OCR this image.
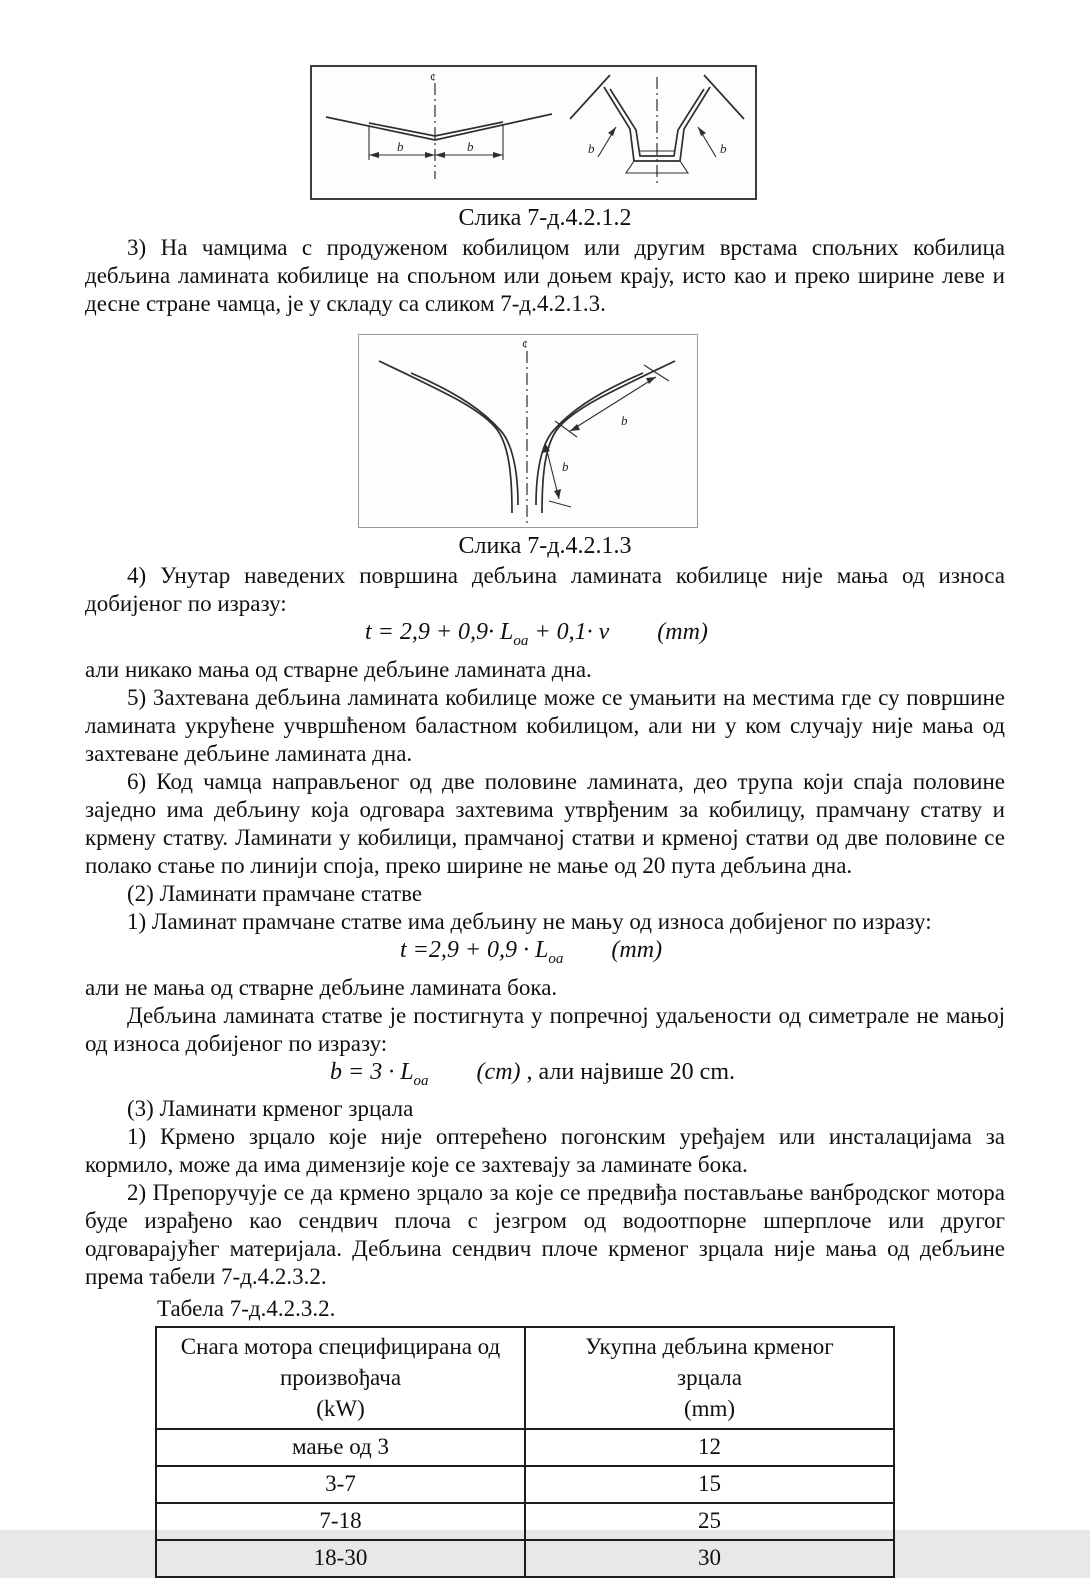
¢
b	b	b	b
Слика 7-д.4.2.1.2
3) На чамцима с продуженом кобилицом или другим врстама спољних кобилица дебљина ламината кобилице на спољном или доњем крају, исто као и преко ширине леве и десне стране чамца, је у складу са сликом 7-д.4.2.1.3.
¢
b
b
Слика 7-д.4.2.1.3
4) Унутар наведених површина дебљина ламината кобилице није мања од износа добијеног по изразу:
$t = 2,9 + 0,9\cdot L_{oa} + 0,1\cdot v$ (mm)
али никако мања од стварне дебљине ламината дна.
5) Захтевана дебљина ламината кобилице може се умањити на местима где су површине ламината укрућене учвршћеном баластном кобилицом, али ни у ком случају није мања од захтеване дебљине ламината дна.
6) Код чамца направљеног од две половине ламината, део трупа који спаја половине заједно има дебљину која одговара захтевима утврђеним за кобилицу, прамчану статву и крмену статву. Ламинати у кобилици, прамчаној статви и крменој статви од две половине се полако стање по линији споја, преко ширине не мање од 20 пута дебљина дна.
(2) Ламинати прамчане статве
1) Ламинат прамчане статве има дебљину не мању од износа добијеног по изразу:
$t =2,9 + 0,9 \cdot L_{oa}$ (mm)
али не мања од стварне дебљине ламината бока.
Дебљина ламината статве је постигнута у попречној удаљености од симетрале не мањој од износа добијеног по изразу:
$b = 3 \cdot L_{oa}$ (cm) , али највише 20 cm.
(3) Ламинати крменог зрцала
1) Крмено зрцало које није оптерећено погонским уређајем или инсталацијама за кормило, може да има димензије које се захтевају за ламинате бока.
2) Препоручује се да крмено зрцало за које се предвиђа постављање ванбродског мотора буде израђено као сендвич плоча с језгром од водоотпорне шперплоче или другог одговарајућег материјала. Дебљина сендвич плоче крменог зрцала није мања од дебљине према табели 7-д.4.2.3.2.
Табела 7-д.4.2.3.2.
Снага мотора специфицирана од
произвођача
(kW)

Укупна дебљина крменог
зрцала
(mm)

мање од 3	12
3-7	15
7-18	25
18-30	30
